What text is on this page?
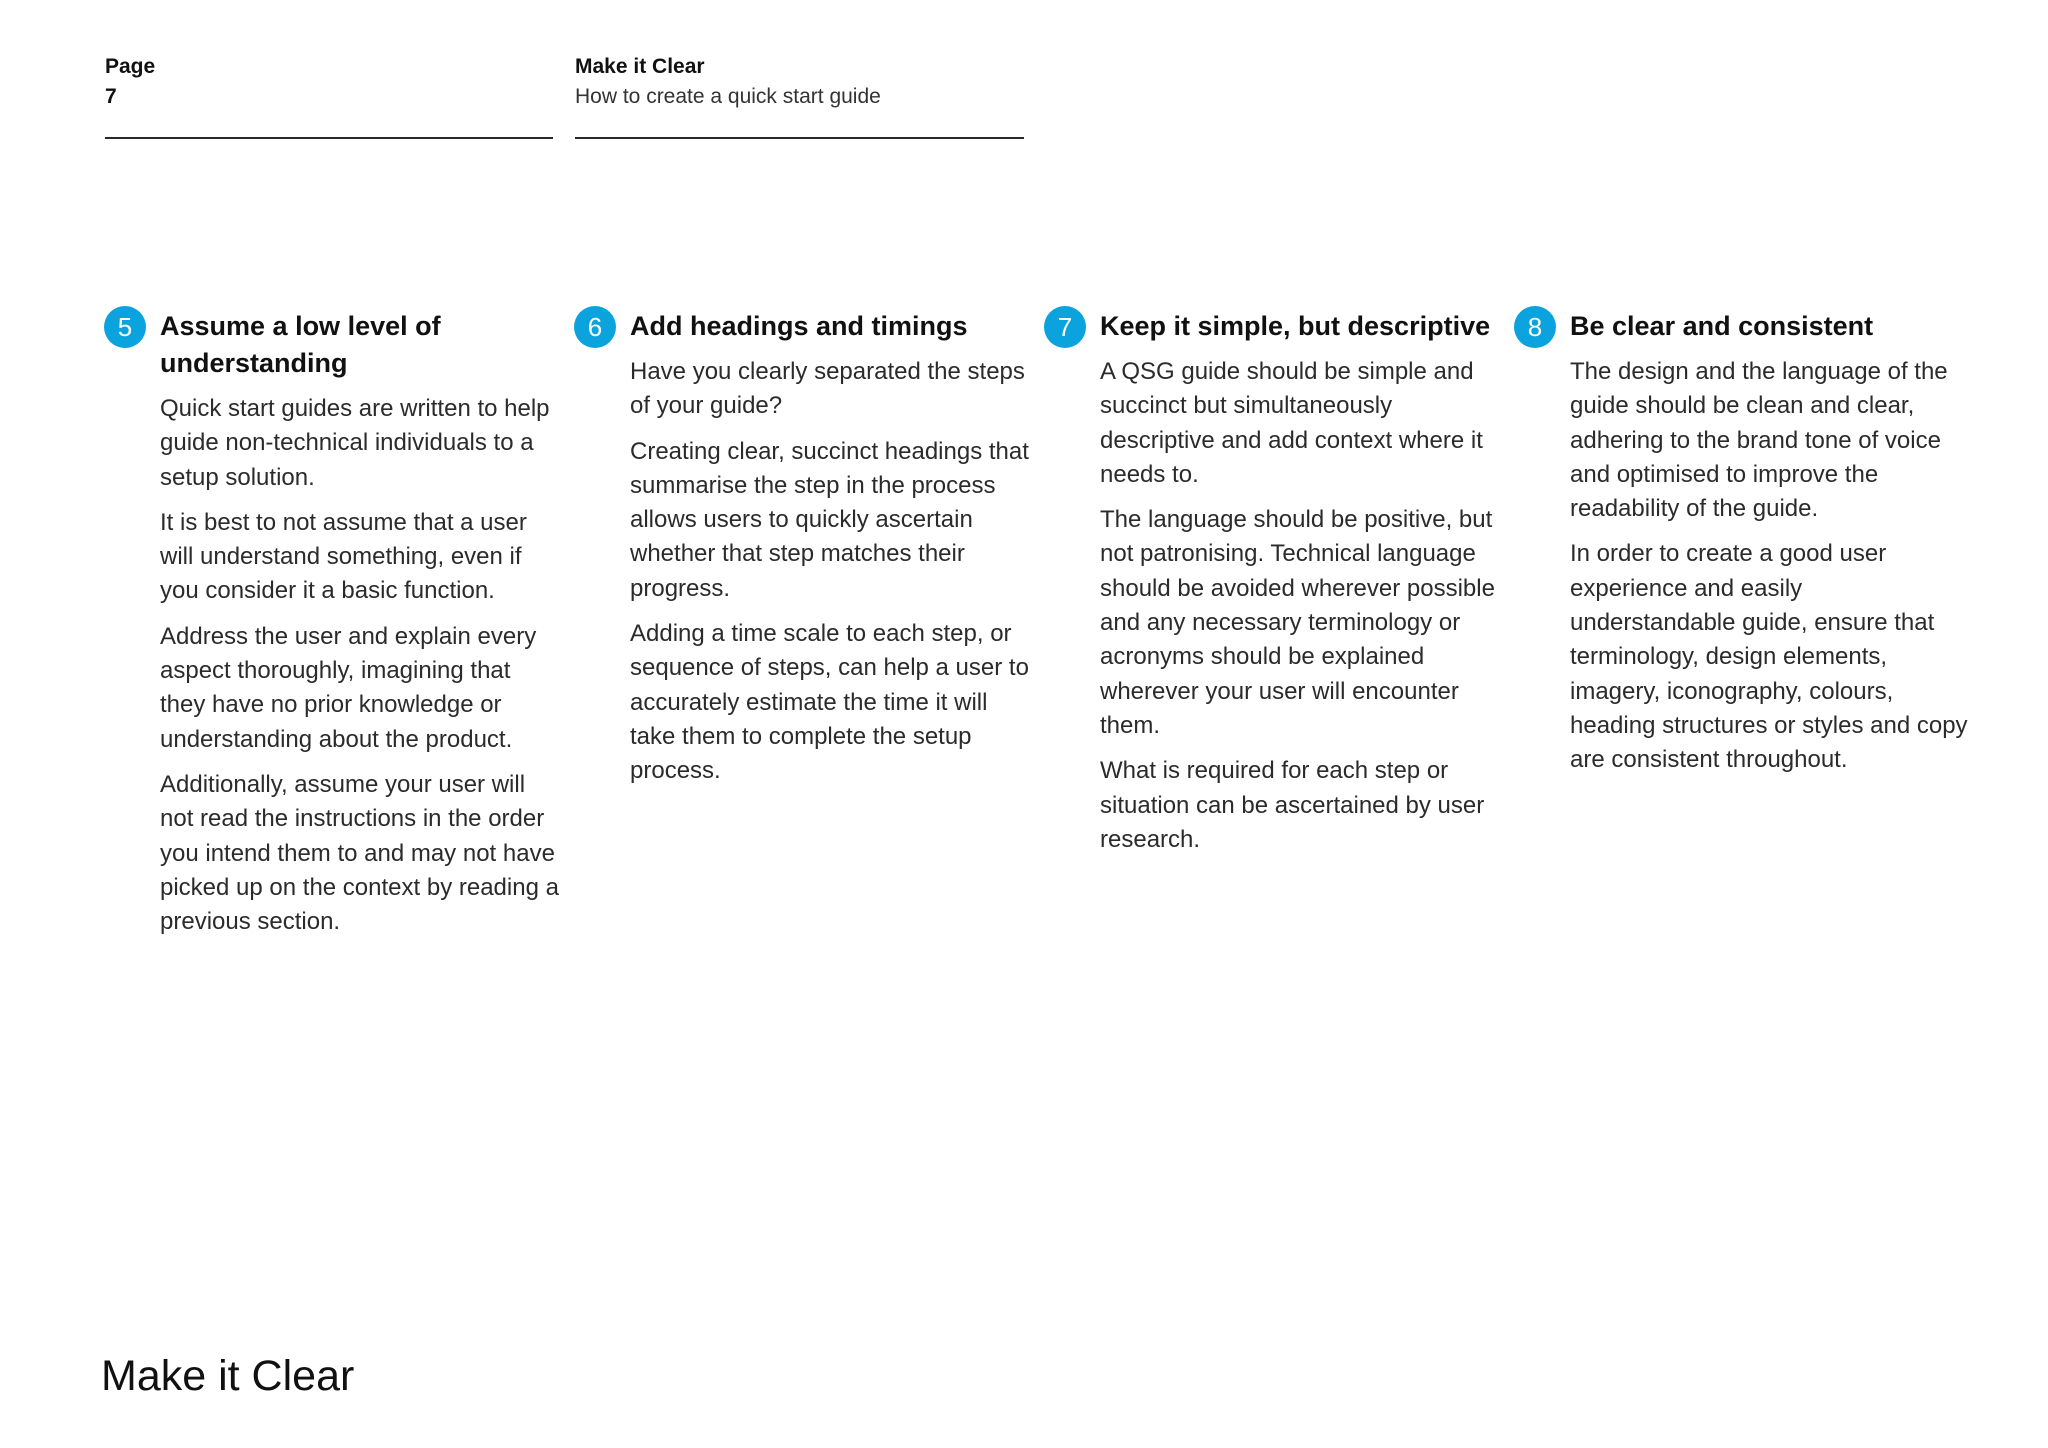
Page
7
Make it Clear
How to create a quick start guide
5	Assume a low level of understanding

Quick start guides are written to help guide non-technical individuals to a setup solution.

It is best to not assume that a user will understand something, even if you consider it a basic function.

Address the user and explain every aspect thoroughly, imagining that they have no prior knowledge or understanding about the product.

Additionally, assume your user will not read the instructions in the order you intend them to and may not have picked up on the context by reading a previous section.

6	Add headings and timings

Have you clearly separated the steps of your guide?

Creating clear, succinct headings that summarise the step in the process allows users to quickly ascertain whether that step matches their progress.

Adding a time scale to each step, or sequence of steps, can help a user to accurately estimate the time it will take them to complete the setup process.

7	Keep it simple, but descriptive

A QSG guide should be simple and succinct but simultaneously descriptive and add context where it needs to.

The language should be positive, but not patronising. Technical language should be avoided wherever possible and any necessary terminology or acronyms should be explained wherever your user will encounter them.

What is required for each step or situation can be ascertained by user research.

8	Be clear and consistent

The design and the language of the guide should be clean and clear, adhering to the brand tone of voice and optimised to improve the readability of the guide.

In order to create a good user experience and easily understandable guide, ensure that terminology, design elements, imagery, iconography, colours, heading structures or styles and copy are consistent throughout.

Make it Clear
